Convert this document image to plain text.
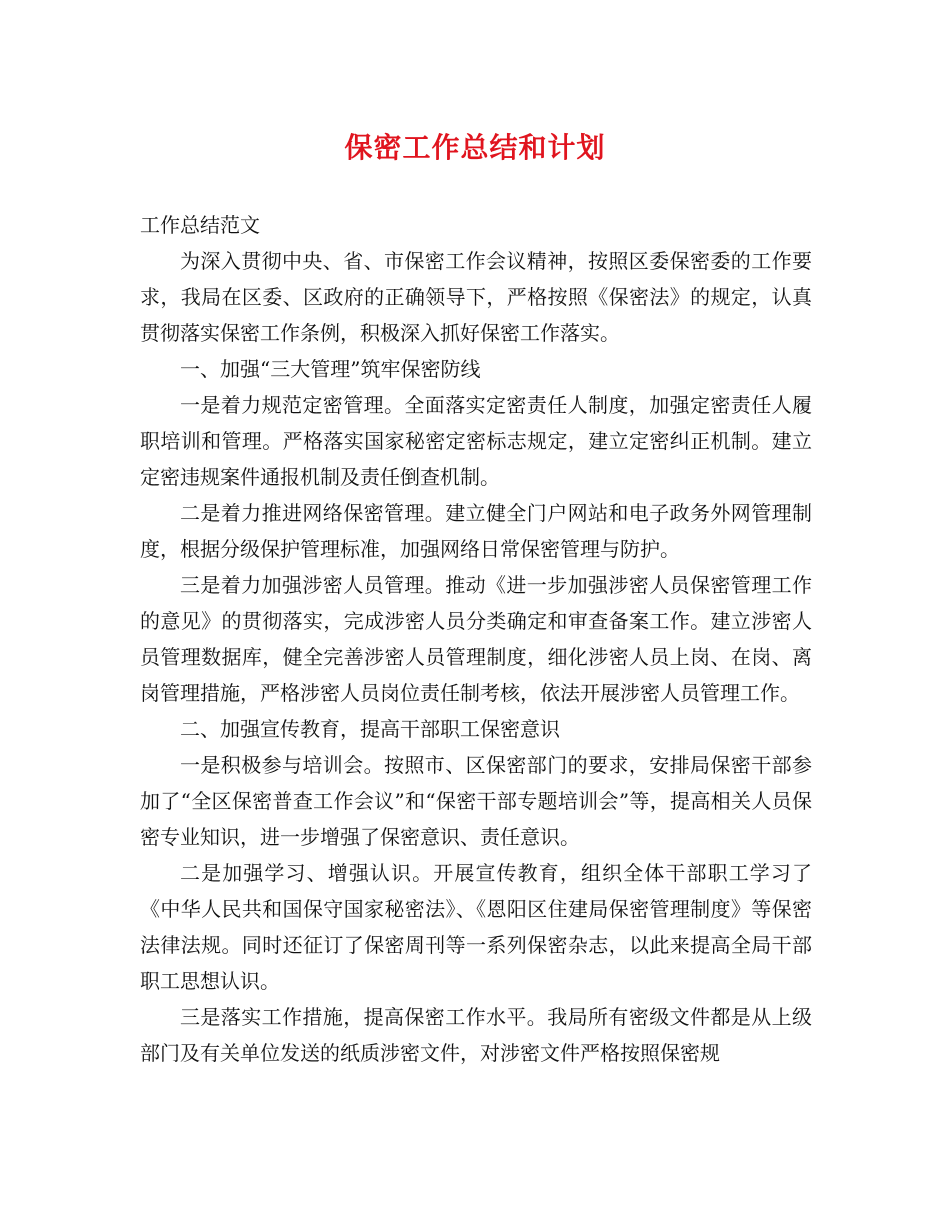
保密工作总结和计划

工作总结范文

为深入贯彻中央、省、市保密工作会议精神，按照区委保密委的工作要求，我局在区委、区政府的正确领导下，严格按照《保密法》的规定，认真贯彻落实保密工作条例，积极深入抓好保密工作落实。

一、加强“三大管理”筑牢保密防线

一是着力规范定密管理。全面落实定密责任人制度，加强定密责任人履职培训和管理。严格落实国家秘密定密标志规定，建立定密纠正机制。建立定密违规案件通报机制及责任倒查机制。

二是着力推进网络保密管理。建立健全门户网站和电子政务外网管理制度，根据分级保护管理标准，加强网络日常保密管理与防护。

三是着力加强涉密人员管理。推动《进一步加强涉密人员保密管理工作的意见》的贯彻落实，完成涉密人员分类确定和审查备案工作。建立涉密人员管理数据库，健全完善涉密人员管理制度，细化涉密人员上岗、在岗、离岗管理措施，严格涉密人员岗位责任制考核，依法开展涉密人员管理工作。

二、加强宣传教育，提高干部职工保密意识

一是积极参与培训会。按照市、区保密部门的要求，安排局保密干部参加了“全区保密普查工作会议”和“保密干部专题培训会”等，提高相关人员保密专业知识，进一步增强了保密意识、责任意识。

二是加强学习、增强认识。开展宣传教育，组织全体干部职工学习了《中华人民共和国保守国家秘密法》、《恩阳区住建局保密管理制度》等保密法律法规。同时还征订了保密周刊等一系列保密杂志，以此来提高全局干部职工思想认识。

三是落实工作措施，提高保密工作水平。我局所有密级文件都是从上级部门及有关单位发送的纸质涉密文件，对涉密文件严格按照保密规
